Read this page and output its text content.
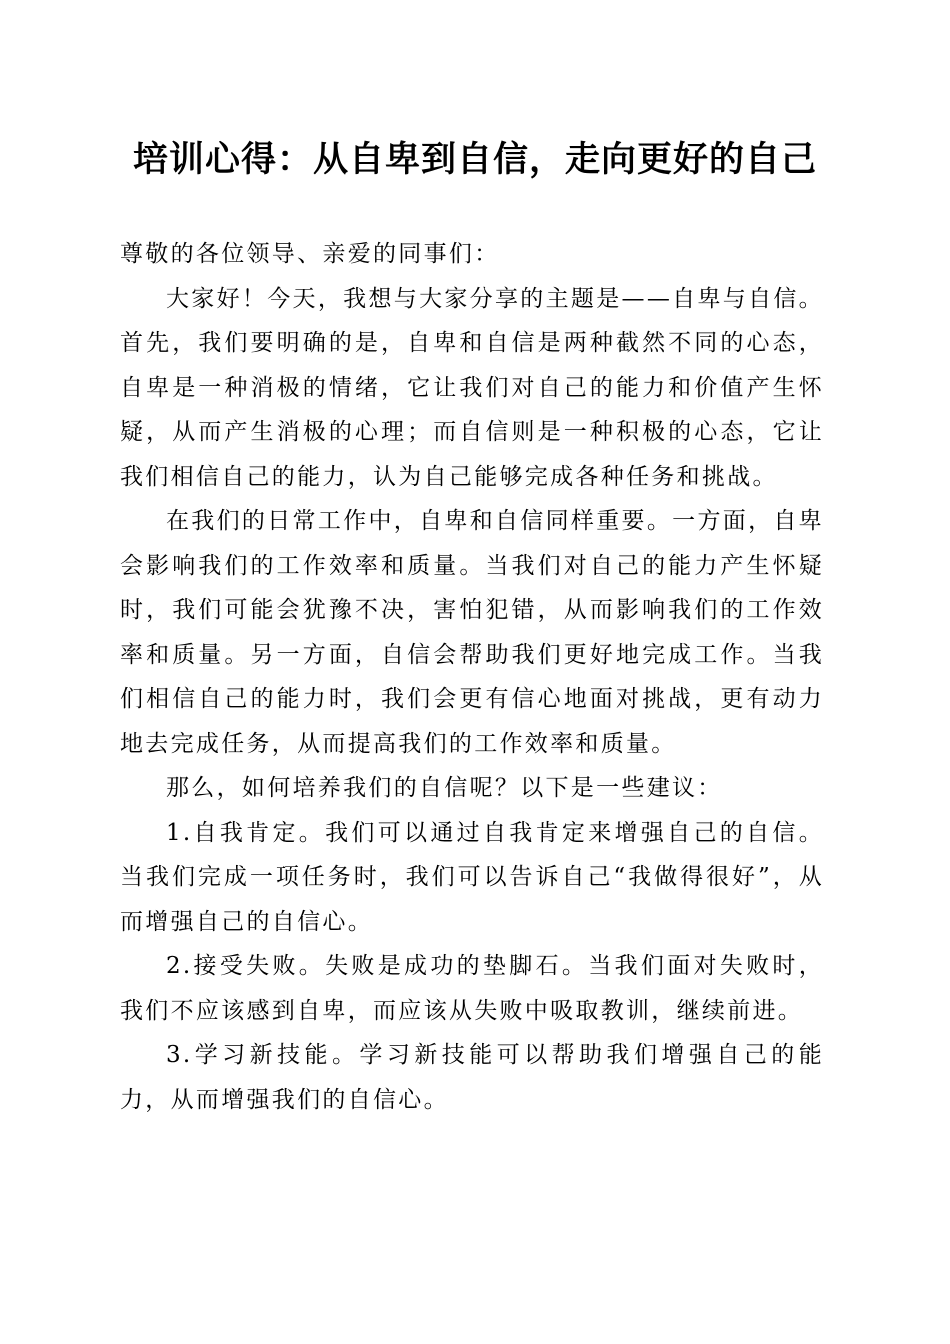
培训心得：从自卑到自信，走向更好的自己

尊敬的各位领导、亲爱的同事们：

大家好！今天，我想与大家分享的主题是——自卑与自信。首先，我们要明确的是，自卑和自信是两种截然不同的心态，自卑是一种消极的情绪，它让我们对自己的能力和价值产生怀疑，从而产生消极的心理；而自信则是一种积极的心态，它让我们相信自己的能力，认为自己能够完成各种任务和挑战。

在我们的日常工作中，自卑和自信同样重要。一方面，自卑会影响我们的工作效率和质量。当我们对自己的能力产生怀疑时，我们可能会犹豫不决，害怕犯错，从而影响我们的工作效率和质量。另一方面，自信会帮助我们更好地完成工作。当我们相信自己的能力时，我们会更有信心地面对挑战，更有动力地去完成任务，从而提高我们的工作效率和质量。

那么，如何培养我们的自信呢？以下是一些建议：

1.自我肯定。我们可以通过自我肯定来增强自己的自信。当我们完成一项任务时，我们可以告诉自己“我做得很好”，从而增强自己的自信心。

2.接受失败。失败是成功的垫脚石。当我们面对失败时，我们不应该感到自卑，而应该从失败中吸取教训，继续前进。

3.学习新技能。学习新技能可以帮助我们增强自己的能力，从而增强我们的自信心。
